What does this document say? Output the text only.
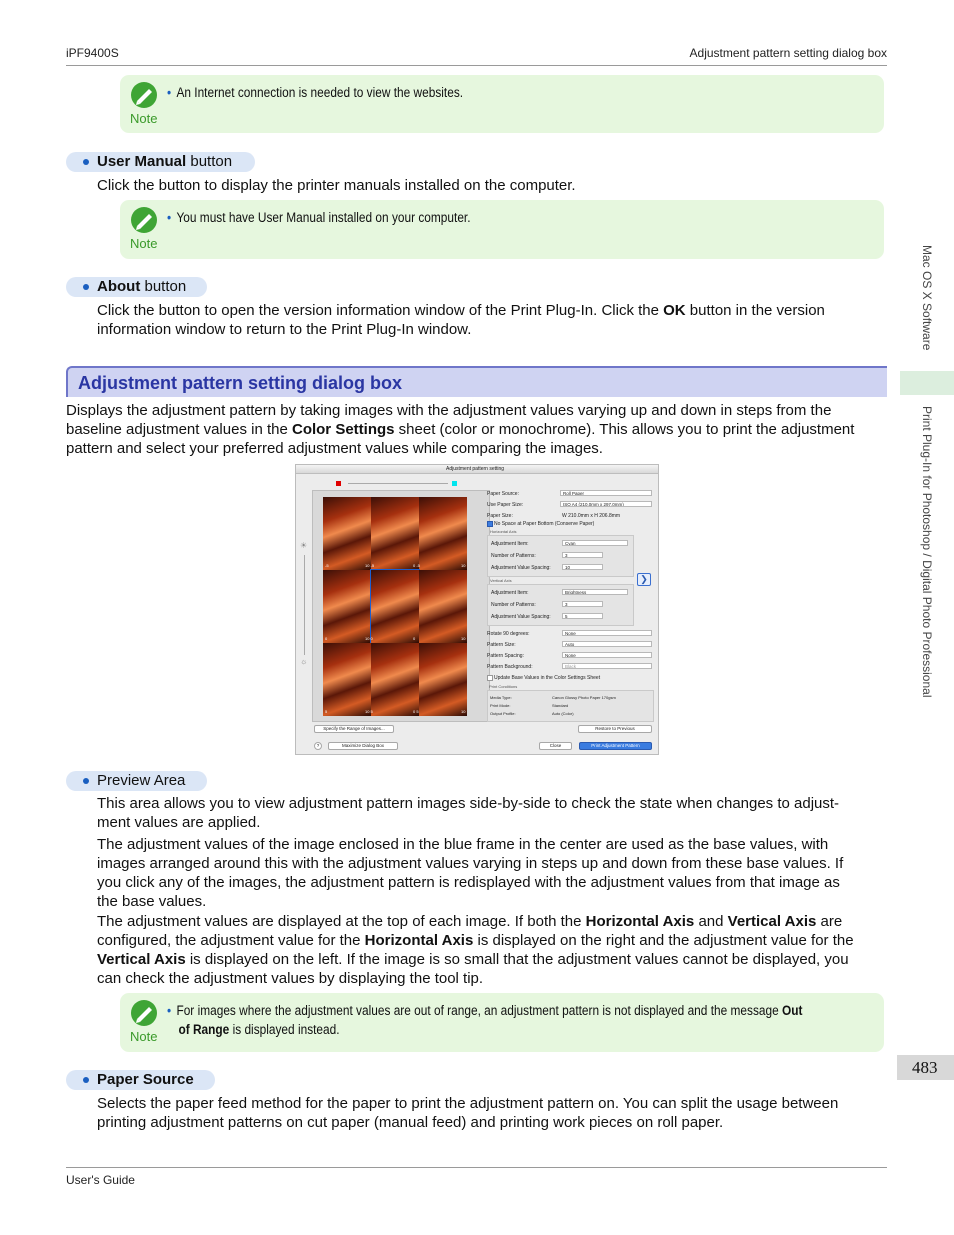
iPF9400S	Adjustment pattern setting dialog box
Mac OS X Software
Print Plug-In for Photoshop / Digital Photo Professional
483
Note
• An Internet connection is needed to view the websites.
User Manual button
Click the button to display the printer manuals installed on the computer.
Note
• You must have User Manual installed on your computer.
About button
Click the button to open the version information window of the Print Plug-In. Click the OK button in the version
information window to return to the Print Plug-In window.
Adjustment pattern setting dialog box
Displays the adjustment pattern by taking images with the adjustment values varying up and down in steps from the
baseline adjustment values in the Color Settings sheet (color or monochrome). This allows you to print the adjustment
pattern and select your preferred adjustment values while comparing the images.
Adjustment pattern setting
☀
☼
-5	10 -5	0 -5	10
0	10 0	0	10
5	10 5	0 5	10
Specify the Range of Images...
?	Maximize Dialog Box
Paper Source:	Roll Paper
Use Paper Size:	ISO A4 (210.0mm x 297.0mm)
Paper Size:	W 210.0mm x H 206.8mm
No Space at Paper Bottom (Conserve Paper)
Horizontal Axis
Adjustment Item:	Cyan
Number of Patterns:	3
Adjustment Value Spacing:	10
❯
Vertical Axis
Adjustment Item:	Brightness
Number of Patterns:	3
Adjustment Value Spacing:	5
Rotate 90 degrees:	None
Pattern Size:	Auto
Pattern Spacing:	None
Pattern Background:	Black
Update Base Values in the Color Settings Sheet
Print Conditions
Media Type:	Canon Glossy Photo Paper 170gsm
Print Mode:	Standard
Output Profile:	Auto (Color)
Restore to Previous
Close	Print Adjustment Pattern
Preview Area
This area allows you to view adjustment pattern images side-by-side to check the state when changes to adjust-
ment values are applied.
The adjustment values of the image enclosed in the blue frame in the center are used as the base values, with
images arranged around this with the adjustment values varying in steps up and down from these base values. If
you click any of the images, the adjustment pattern is redisplayed with the adjustment values from that image as
the base values.
The adjustment values are displayed at the top of each image. If both the Horizontal Axis and Vertical Axis are
configured, the adjustment value for the Horizontal Axis is displayed on the right and the adjustment value for the
Vertical Axis is displayed on the left. If the image is so small that the adjustment values cannot be displayed, you
can check the adjustment values by displaying the tool tip.
Note
• For images where the adjustment values are out of range, an adjustment pattern is not displayed and the message Out
of Range is displayed instead.
Paper Source
Selects the paper feed method for the paper to print the adjustment pattern on. You can split the usage between
printing adjustment patterns on cut paper (manual feed) and printing work pieces on roll paper.
User's Guide
